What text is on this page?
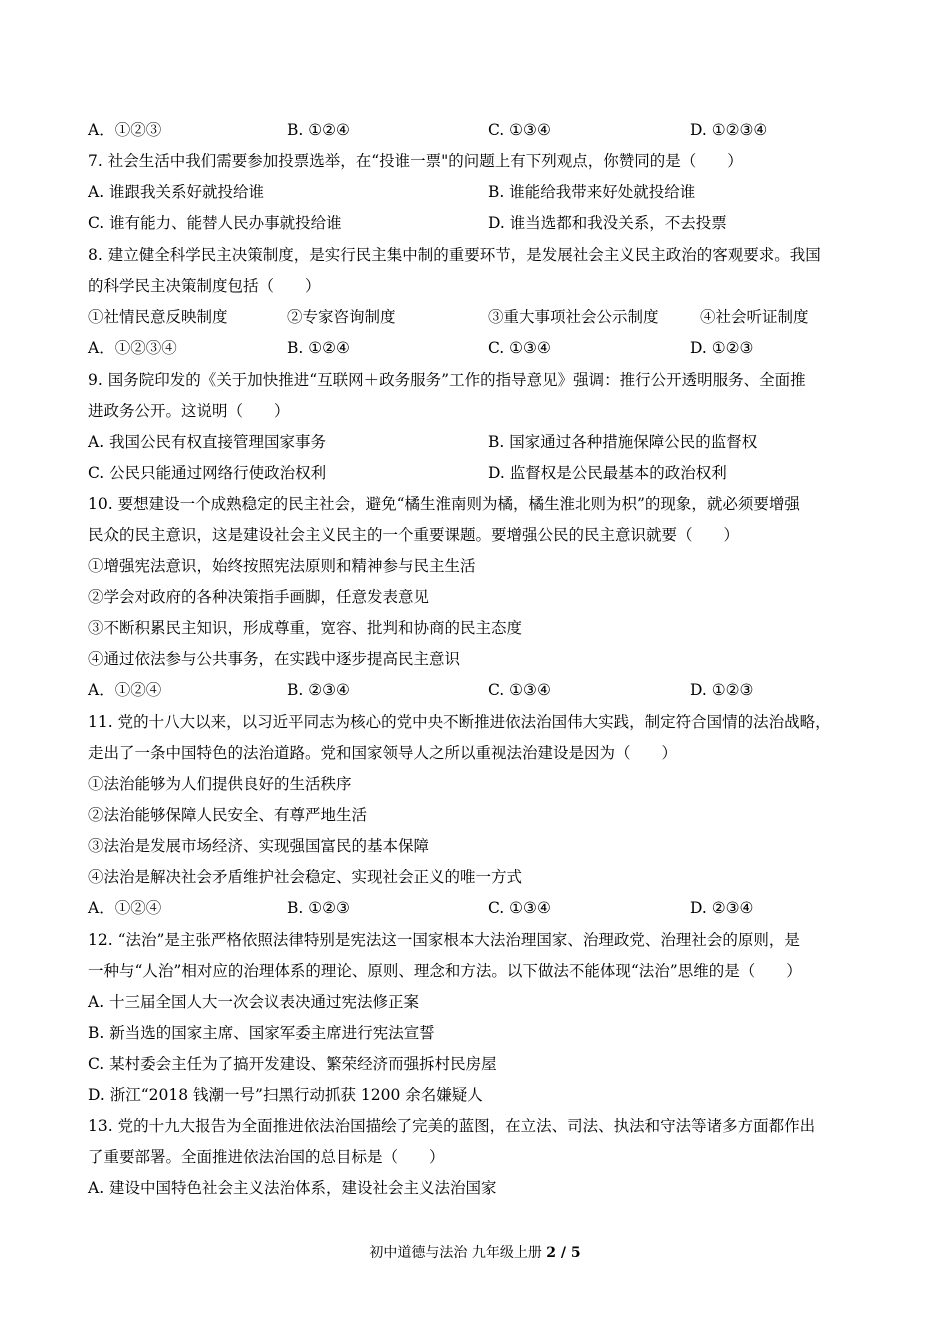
A．①②③	B. ①②④	C. ①③④	D. ①②③④
7. 社会生活中我们需要参加投票选举，在“投谁一票"的问题上有下列观点，你赞同的是（　　）
A. 谁跟我关系好就投给谁	B. 谁能给我带来好处就投给谁
C. 谁有能力、能替人民办事就投给谁	D. 谁当选都和我没关系，不去投票
8. 建立健全科学民主决策制度，是实行民主集中制的重要环节，是发展社会主义民主政治的客观要求。我国
的科学民主决策制度包括（　　）
①社情民意反映制度	②专家咨询制度	③重大事项社会公示制度	④社会听证制度
A．①②③④	B. ①②④	C. ①③④	D. ①②③
9. 国务院印发的《关于加快推进“互联网＋政务服务”工作的指导意见》强调：推行公开透明服务、全面推
进政务公开。这说明（　　）
A. 我国公民有权直接管理国家事务	B. 国家通过各种措施保障公民的监督权
C. 公民只能通过网络行使政治权利	D. 监督权是公民最基本的政治权利
10. 要想建设一个成熟稳定的民主社会，避免“橘生淮南则为橘，橘生淮北则为枳”的现象，就必须要增强
民众的民主意识，这是建设社会主义民主的一个重要课题。要增强公民的民主意识就要（　　）
①增强宪法意识，始终按照宪法原则和精神参与民主生活
②学会对政府的各种决策指手画脚，任意发表意见
③不断积累民主知识，形成尊重，宽容、批判和协商的民主态度
④通过依法参与公共事务，在实践中逐步提高民主意识
A．①②④	B. ②③④	C. ①③④	D. ①②③
11. 党的十八大以来，以习近平同志为核心的党中央不断推进依法治国伟大实践，制定符合国情的法治战略，
走出了一条中国特色的法治道路。党和国家领导人之所以重视法治建设是因为（　　）
①法治能够为人们提供良好的生活秩序
②法治能够保障人民安全、有尊严地生活
③法治是发展市场经济、实现强国富民的基本保障
④法治是解决社会矛盾维护社会稳定、实现社会正义的唯一方式
A．①②④	B. ①②③	C. ①③④	D. ②③④
12. “法治”是主张严格依照法律特别是宪法这一国家根本大法治理国家、治理政党、治理社会的原则，是
一种与“人治”相对应的治理体系的理论、原则、理念和方法。以下做法不能体现“法治”思维的是（　　）
A. 十三届全国人大一次会议表决通过宪法修正案
B. 新当选的国家主席、国家军委主席进行宪法宣誓
C. 某村委会主任为了搞开发建设、繁荣经济而强拆村民房屋
D. 浙江“2018 钱潮一号”扫黑行动抓获 1200 余名嫌疑人
13. 党的十九大报告为全面推进依法治国描绘了完美的蓝图，在立法、司法、执法和守法等诸多方面都作出
了重要部署。全面推进依法治国的总目标是（　　）
A. 建设中国特色社会主义法治体系，建设社会主义法治国家
初中道德与法治 九年级上册 2 / 5
